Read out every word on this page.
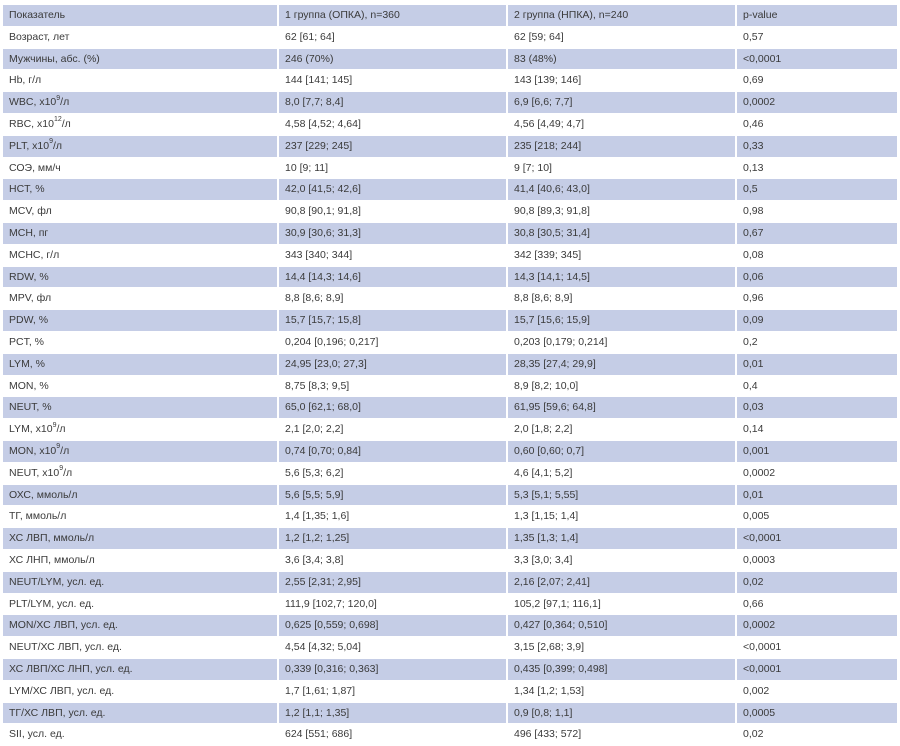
Показатель	1 группа (ОПКА), n=360	2 группа (НПКА), n=240	p-value
Возраст, лет	62 [61; 64]	62 [59; 64]	0,57
Мужчины, абс. (%)	246 (70%)	83 (48%)	<0,0001
Hb, г/л	144 [141; 145]	143 [139; 146]	0,69
WBC, $x10^9/л$	8,0 [7,7; 8,4]	6,9 [6,6; 7,7]	0,0002
RBC, $x10^{12}/л$	4,58 [4,52; 4,64]	4,56 [4,49; 4,7]	0,46
PLT, $x10^9/л$	237 [229; 245]	235 [218; 244]	0,33
СОЭ, мм/ч	10 [9; 11]	9 [7; 10]	0,13
HCT, %	42,0 [41,5; 42,6]	41,4 [40,6; 43,0]	0,5
MCV, фл	90,8 [90,1; 91,8]	90,8 [89,3; 91,8]	0,98
MCH, пг	30,9 [30,6; 31,3]	30,8 [30,5; 31,4]	0,67
MCHC, г/л	343 [340; 344]	342 [339; 345]	0,08
RDW, %	14,4 [14,3; 14,6]	14,3 [14,1; 14,5]	0,06
MPV, фл	8,8 [8,6; 8,9]	8,8 [8,6; 8,9]	0,96
PDW, %	15,7 [15,7; 15,8]	15,7 [15,6; 15,9]	0,09
PCT, %	0,204 [0,196; 0,217]	0,203 [0,179; 0,214]	0,2
LYM, %	24,95 [23,0; 27,3]	28,35 [27,4; 29,9]	0,01
MON, %	8,75 [8,3; 9,5]	8,9 [8,2; 10,0]	0,4
NEUT, %	65,0 [62,1; 68,0]	61,95 [59,6; 64,8]	0,03
LYM, $x10^9/л$	2,1 [2,0; 2,2]	2,0 [1,8; 2,2]	0,14
MON, $x10^9/л$	0,74 [0,70; 0,84]	0,60 [0,60; 0,7]	0,001
NEUT, $x10^9/л$	5,6 [5,3; 6,2]	4,6 [4,1; 5,2]	0,0002
ОХС, ммоль/л	5,6 [5,5; 5,9]	5,3 [5,1; 5,55]	0,01
ТГ, ммоль/л	1,4 [1,35; 1,6]	1,3 [1,15; 1,4]	0,005
ХС ЛВП, ммоль/л	1,2 [1,2; 1,25]	1,35 [1,3; 1,4]	<0,0001
ХС ЛНП, ммоль/л	3,6 [3,4; 3,8]	3,3 [3,0; 3,4]	0,0003
NEUT/LYM, усл. ед.	2,55 [2,31; 2,95]	2,16 [2,07; 2,41]	0,02
PLT/LYM, усл. ед.	111,9 [102,7; 120,0]	105,2 [97,1; 116,1]	0,66
MON/ХС ЛВП, усл. ед.	0,625 [0,559; 0,698]	0,427 [0,364; 0,510]	0,0002
NEUT/ХС ЛВП, усл. ед.	4,54 [4,32; 5,04]	3,15 [2,68; 3,9]	<0,0001
ХС ЛВП/ХС ЛНП, усл. ед.	0,339 [0,316; 0,363]	0,435 [0,399; 0,498]	<0,0001
LYM/ХС ЛВП, усл. ед.	1,7 [1,61; 1,87]	1,34 [1,2; 1,53]	0,002
ТГ/ХС ЛВП, усл. ед.	1,2 [1,1; 1,35]	0,9 [0,8; 1,1]	0,0005
SII, усл. ед.	624 [551; 686]	496 [433; 572]	0,02
